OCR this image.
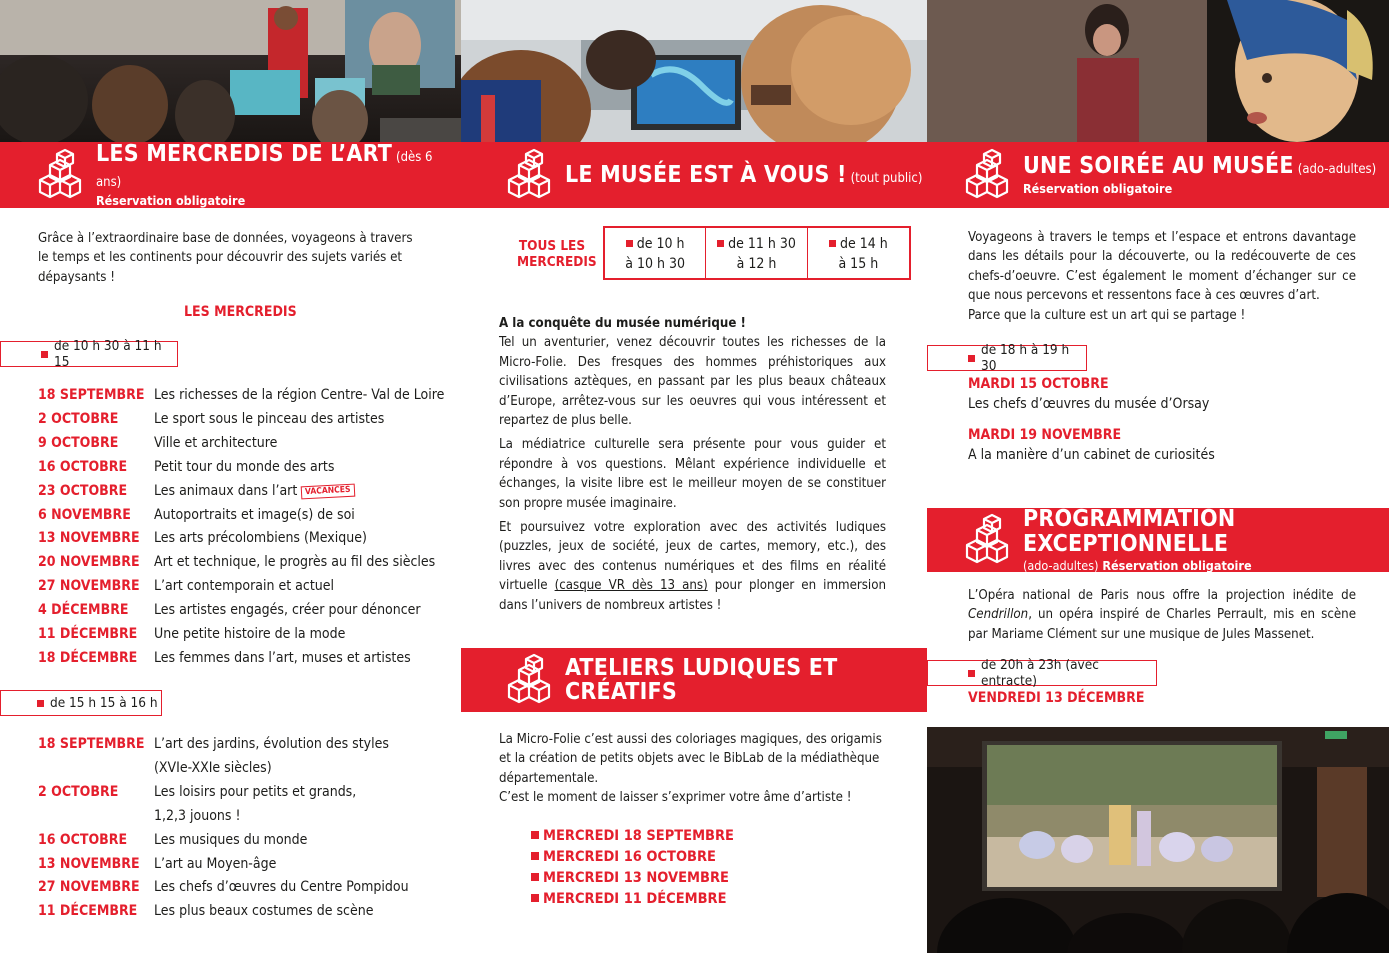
LES MERCREDIS DE L’ART (dès 6 ans)
Réservation obligatoire

Grâce à l’extraordinaire base de données, voyageons à travers le temps et les continents pour découvrir des sujets variés et dépaysants !

LES MERCREDIS
de 10 h 30 à 11 h 15
18 SEPTEMBRE Les richesses de la région Centre- Val de Loire
2 OCTOBRE	Le sport sous le pinceau des artistes
9 OCTOBRE	Ville et architecture
16 OCTOBRE	Petit tour du monde des arts
23 OCTOBRE	Les animaux dans l’art VACANCES
6 NOVEMBRE	Autoportraits et image(s) de soi
13 NOVEMBRE	Les arts précolombiens (Mexique)
20 NOVEMBRE	Art et technique, le progrès au fil des siècles
27 NOVEMBRE	L’art contemporain et actuel
4 DÉCEMBRE	Les artistes engagés, créer pour dénoncer
11 DÉCEMBRE	Une petite histoire de la mode
18 DÉCEMBRE	Les femmes dans l’art, muses et artistes
de 15 h 15 à 16 h
18 SEPTEMBRE L’art des jardins, évolution des styles
(XVIe-XXIe siècles)
2 OCTOBRE	Les loisirs pour petits et grands,
1,2,3 jouons !
16 OCTOBRE	Les musiques du monde
13 NOVEMBRE	L’art au Moyen-âge
27 NOVEMBRE	Les chefs d’œuvres du Centre Pompidou
11 DÉCEMBRE	Les plus beaux costumes de scène
LE MUSÉE EST À VOUS ! (tout public)
TOUS LES
MERCREDIS
de 10 h
à 10 h 30
de 11 h 30
à 12 h
de 14 h
à 15 h

A la conquête du musée numérique !

Tel un aventurier, venez découvrir toutes les richesses de la Micro-Folie. Des fresques des hommes préhistoriques aux civilisations aztèques, en passant par les plus beaux châteaux d’Europe, arrêtez-vous sur les oeuvres qui vous intéressent et repartez de plus belle.

La médiatrice culturelle sera présente pour vous guider et répondre à vos questions. Mêlant expérience individuelle et échanges, la visite libre est le meilleur moyen de se constituer son propre musée imaginaire.

Et poursuivez votre exploration avec des activités ludiques (puzzles, jeux de société, jeux de cartes, memory, etc.), des livres avec des contenus numériques et des films en réalité virtuelle (casque VR dès 13 ans) pour plonger en immersion dans l’univers de nombreux artistes !

ATELIERS LUDIQUES ET CRÉATIFS

La Micro-Folie c’est aussi des coloriages magiques, des origamis et la création de petits objets avec le BibLab de la médiathèque départementale.

C’est le moment de laisser s’exprimer votre âme d’artiste !

MERCREDI 18 SEPTEMBRE
MERCREDI 16 OCTOBRE
MERCREDI 13 NOVEMBRE
MERCREDI 11 DÉCEMBRE
UNE SOIRÉE AU MUSÉE (ado-adultes)
Réservation obligatoire

Voyageons à travers le temps et l’espace et entrons davantage dans les détails pour la découverte, ou la redécouverte de ces chefs-d’oeuvre. C’est également le moment d’échanger sur ce que nous percevons et ressentons face à ces œuvres d’art.

Parce que la culture est un art qui se partage !

de 18 h à 19 h 30
MARDI 15 OCTOBRE
Les chefs d’œuvres du musée d’Orsay
MARDI 19 NOVEMBRE
A la manière d’un cabinet de curiosités
PROGRAMMATION EXCEPTIONNELLE
(ado-adultes) Réservation obligatoire

L’Opéra national de Paris nous offre la projection inédite de Cendrillon, un opéra inspiré de Charles Perrault, mis en scène par Mariame Clément sur une musique de Jules Massenet.

de 20h à 23h (avec entracte)
VENDREDI 13 DÉCEMBRE
